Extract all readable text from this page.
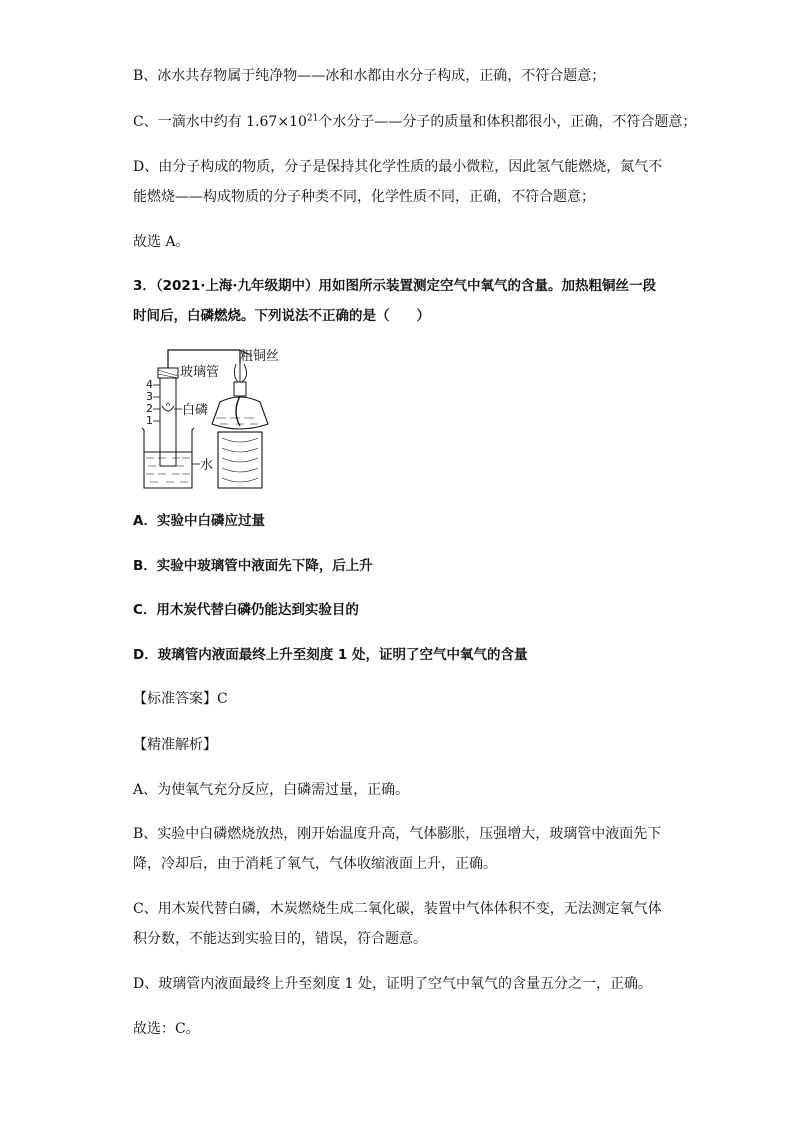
B、冰水共存物属于纯净物——冰和水都由水分子构成，正确，不符合题意；
C、一滴水中约有 $1.67\times 10^{21}$个水分子——分子的质量和体积都很小，正确，不符合题意；
D、由分子构成的物质，分子是保持其化学性质的最小微粒，因此氢气能燃烧，氮气不
能燃烧——构成物质的分子种类不同，化学性质不同，正确，不符合题意；
故选 A。
3．（2021·上海·九年级期中）用如图所示装置测定空气中氧气的含量。加热粗铜丝一段
时间后，白磷燃烧。下列说法不正确的是（　　）
粗铜丝
玻璃管
4
3
2
1
白磷
水
A．实验中白磷应过量
B．实验中玻璃管中液面先下降，后上升
C．用木炭代替白磷仍能达到实验目的
D．玻璃管内液面最终上升至刻度 1 处，证明了空气中氧气的含量
【标准答案】C
【精准解析】
A、为使氧气充分反应，白磷需过量，正确。
B、实验中白磷燃烧放热，刚开始温度升高，气体膨胀，压强增大，玻璃管中液面先下
降，冷却后，由于消耗了氧气，气体收缩液面上升，正确。
C、用木炭代替白磷，木炭燃烧生成二氧化碳，装置中气体体积不变，无法测定氧气体
积分数，不能达到实验目的，错误，符合题意。
D、玻璃管内液面最终上升至刻度 1 处，证明了空气中氧气的含量五分之一，正确。
故选：C。
